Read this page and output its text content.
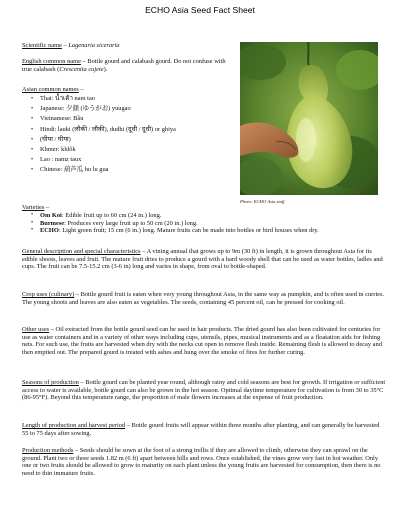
ECHO Asia Seed Fact Sheet
Scientific name – Lagenaria siceraria
English common name – Bottle gourd and calabash gourd. Do not confuse with true calabash (Crescentia cujete).
Asian common names –
• Thai: น้ำเต้า nam tao
• Japanese: 夕顔 (ゆうがお) yuugao
• Vietnamese: Bầu
• Hindi: lauki (लौकी / लौकी), dudhi (दूधी / दूधी) or ghiya
• (घीया / घीया)
• Khmer: khlôk
• Lao : namz taux
• Chinese: 葫芦瓜 hu lu gua
Photo: ECHO Asia staff
Varieties –
• Om Koi: Edible fruit up to 60 cm (24 in.) long.
• Burmese: Produces very large fruit up to 50 cm (20 in.) long.
• ECHO: Light green fruit; 15 cm (6 in.) long. Mature fruits can be made into bottles or bird houses when dry.
General description and special characteristics – A vining annual that grows up to 9m (30 ft) in length, it is grown throughout Asia for its edible shoots, leaves and fruit. The mature fruit dries to produce a gourd with a hard woody shell that can be used as water bottles, ladles and cups. The fruit can be 7.5-15.2 cm (3-6 in) long and varies in shape, from oval to bottle-shaped.
Crop uses (culinary) – Bottle gourd fruit is eaten when very young throughout Asia, in the same way as pumpkin, and is often used in curries. The young shoots and leaves are also eaten as vegetables. The seeds, containing 45 percent oil, can be pressed for cooking oil.
Other uses – Oil extracted from the bottle gourd seed can be used in hair products. The dried gourd has also been cultivated for centuries for use as water containers and in a variety of other ways including cups, utensils, pipes, musical instruments and as a floatation aids for fishing nets. For such use, the fruits are harvested when dry with the necks cut open to remove flesh inside. Remaining flesh is allowed to decay and then emptied out. The prepared gourd is treated with ashes and hung over the smoke of fires for further curing.
Seasons of production – Bottle gourd can be planted year round, although rainy and cold seasons are best for growth. If irrigation or sufficient access to water is available, bottle gourd can also be grown in the hot season. Optimal daytime temperature for cultivation is from 30 to 35°C (86-95°F). Beyond this temperature range, the proportion of male flowers increases at the expense of fruit production.
Length of production and harvest period – Bottle gourd fruits will appear within three months after planting, and can generally be harvested 55 to 75 days after sowing.
Production methods – Seeds should be sown at the foot of a strong trellis if they are allowed to climb, otherwise they can sprawl on the ground. Plant two or three seeds 1.82 m (6 ft) apart between hills and rows. Once established, the vines grow very fast in hot weather. Only one or two fruits should be allowed to grow to maturity on each plant unless the young fruits are harvested for consumption, then there is no need to thin immature fruits.
